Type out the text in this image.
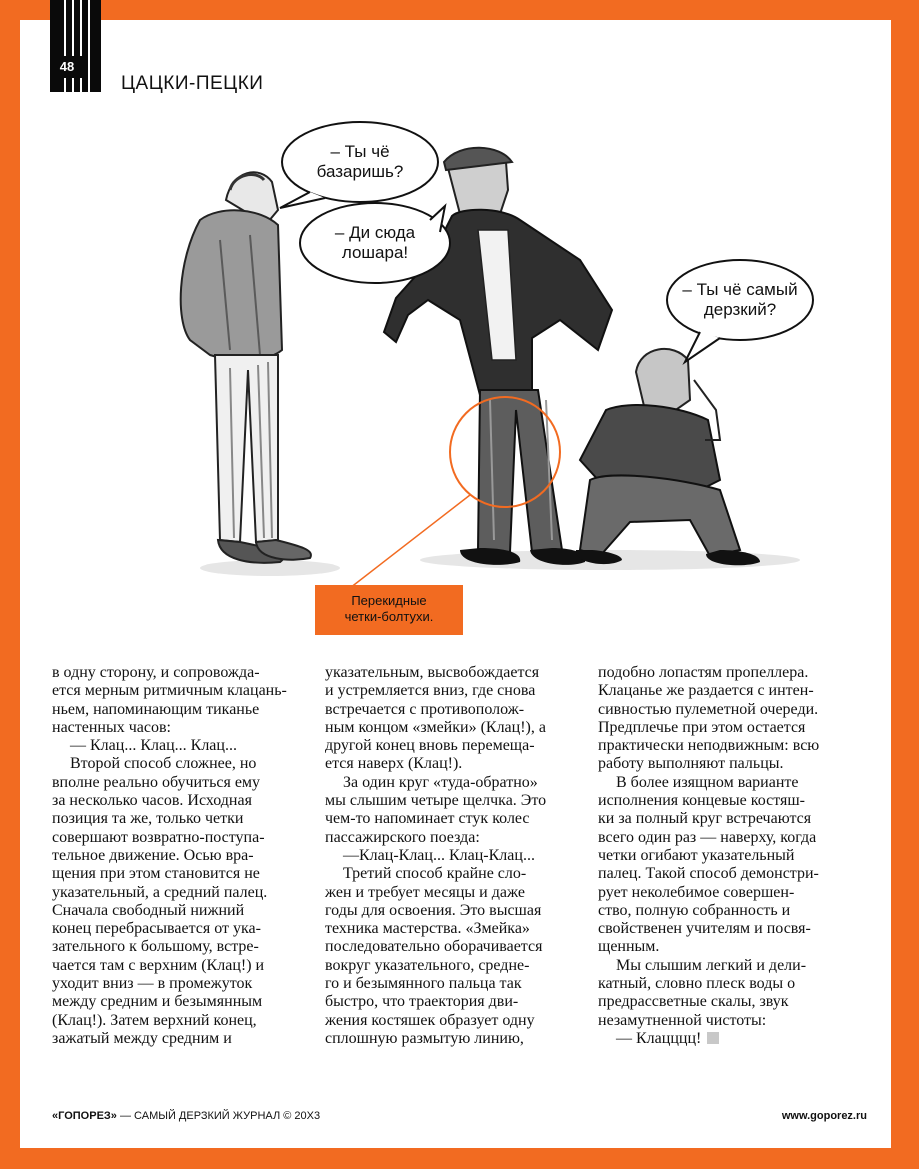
48
ЦАЦКИ-ПЕЦКИ
– Ты чё
базаришь?
– Ди сюда
лошара!
– Ты чё самый
дерзкий?
Перекидные
четки-болтухи.

в одну сторону, и сопровожда-
ется мерным ритмичным клацань-
ньем, напоминающим тиканье
настенных часов:

— Клац... Клац... Клац...

Второй способ сложнее, но
вполне реально обучиться ему
за несколько часов. Исходная
позиция та же, только четки
совершают возвратно-поступа-
тельное движение. Осью вра-
щения при этом становится не
указательный, а средний палец.
Сначала свободный нижний
конец перебрасывается от ука-
зательного к большому, встре-
чается там с верхним (Клац!) и
уходит вниз — в промежуток
между средним и безымянным
(Клац!). Затем верхний конец,
зажатый между средним и

указательным, высвобождается
и устремляется вниз, где снова
встречается с противополож-
ным концом «змейки» (Клац!), а
другой конец вновь перемеща-
ется наверх (Клац!).

За один круг «туда-обратно»
мы слышим четыре щелчка. Это
чем-то напоминает стук колес
пассажирского поезда:

—Клац-Клац... Клац-Клац...

Третий способ крайне сло-
жен и требует месяцы и даже
годы для освоения. Это высшая
техника мастерства. «Змейка»
последовательно оборачивается
вокруг указательного, средне-
го и безымянного пальца так
быстро, что траектория дви-
жения костяшек образует одну
сплошную размытую линию,

подобно лопастям пропеллера.
Клацанье же раздается с интен-
сивностью пулеметной очереди.
Предплечье при этом остается
практически неподвижным: всю
работу выполняют пальцы.

В более изящном варианте
исполнения концевые костяш-
ки за полный круг встречаются
всего один раз — наверху, когда
четки огибают указательный
палец. Такой способ демонстри-
рует неколебимое совершен-
ство, полную собранность и
свойственен учителям и посвя-
щенным.

Мы слышим легкий и дели-
катный, словно плеск воды о
предрассветные скалы, звук
незамутненной чистоты:

— Клацццц!

«ГОПОРЕЗ» — САМЫЙ ДЕРЗКИЙ ЖУРНАЛ © 20Х3	www.goporez.ru
